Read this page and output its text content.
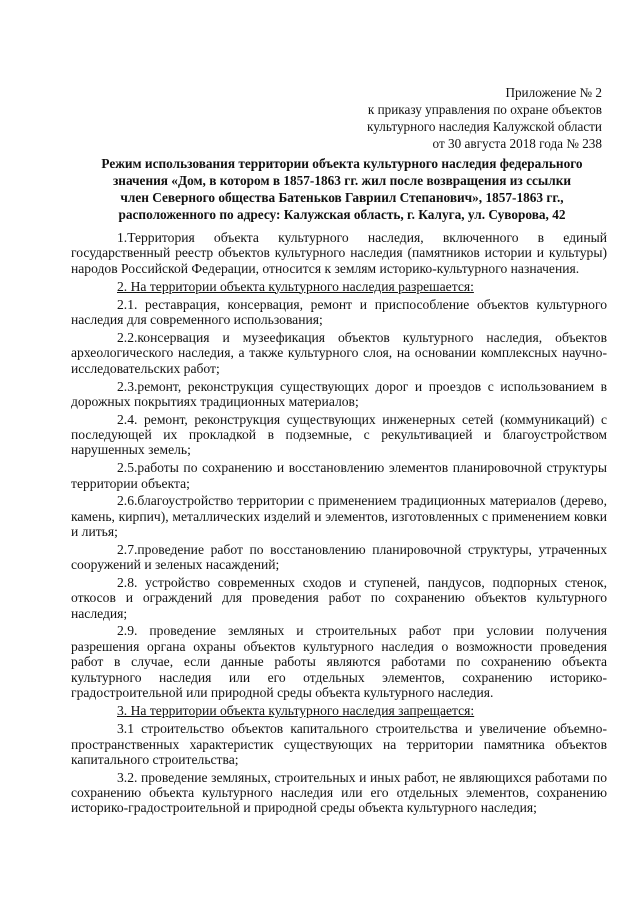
Приложение № 2
к приказу управления по охране объектов
культурного наследия Калужской области
от 30 августа 2018 года № 238
Режим использования территории объекта культурного наследия федерального
значения «Дом, в котором в 1857-1863 гг. жил после возвращения из ссылки
член Северного общества Батеньков Гавриил Степанович», 1857-1863 гг.,
расположенного по адресу: Калужская область, г. Калуга, ул. Суворова, 42

1.Территория объекта культурного наследия, включенного в единый государственный реестр объектов культурного наследия (памятников истории и культуры) народов Российской Федерации, относится к землям историко-культурного назначения.

2. На территории объекта культурного наследия разрешается:

2.1. реставрация, консервация, ремонт и приспособление объектов культурного наследия для современного использования;

2.2.консервация и музеефикация объектов культурного наследия, объектов археологического наследия, а также культурного слоя, на основании комплексных научно-исследовательских работ;

2.3.ремонт, реконструкция существующих дорог и проездов с использованием в дорожных покрытиях традиционных материалов;

2.4. ремонт, реконструкция существующих инженерных сетей (коммуникаций) с последующей их прокладкой в подземные, с рекультивацией и благоустройством нарушенных земель;

2.5.работы по сохранению и восстановлению элементов планировочной структуры территории объекта;

2.6.благоустройство территории с применением традиционных материалов (дерево, камень, кирпич), металлических изделий и элементов, изготовленных с применением ковки и литья;

2.7.проведение работ по восстановлению планировочной структуры, утраченных сооружений и зеленых насаждений;

2.8. устройство современных сходов и ступеней, пандусов, подпорных стенок, откосов и ограждений для проведения работ по сохранению объектов культурного наследия;

2.9. проведение земляных и строительных работ при условии получения разрешения органа охраны объектов культурного наследия о возможности проведения работ в случае, если данные работы являются работами по сохранению объекта культурного наследия или его отдельных элементов, сохранению историко-градостроительной или природной среды объекта культурного наследия.

3. На территории объекта культурного наследия запрещается:

3.1 строительство объектов капитального строительства и увеличение объемно-пространственных характеристик существующих на территории памятника объектов капитального строительства;

3.2. проведение земляных, строительных и иных работ, не являющихся работами по сохранению объекта культурного наследия или его отдельных элементов, сохранению историко-градостроительной и природной среды объекта культурного наследия;
